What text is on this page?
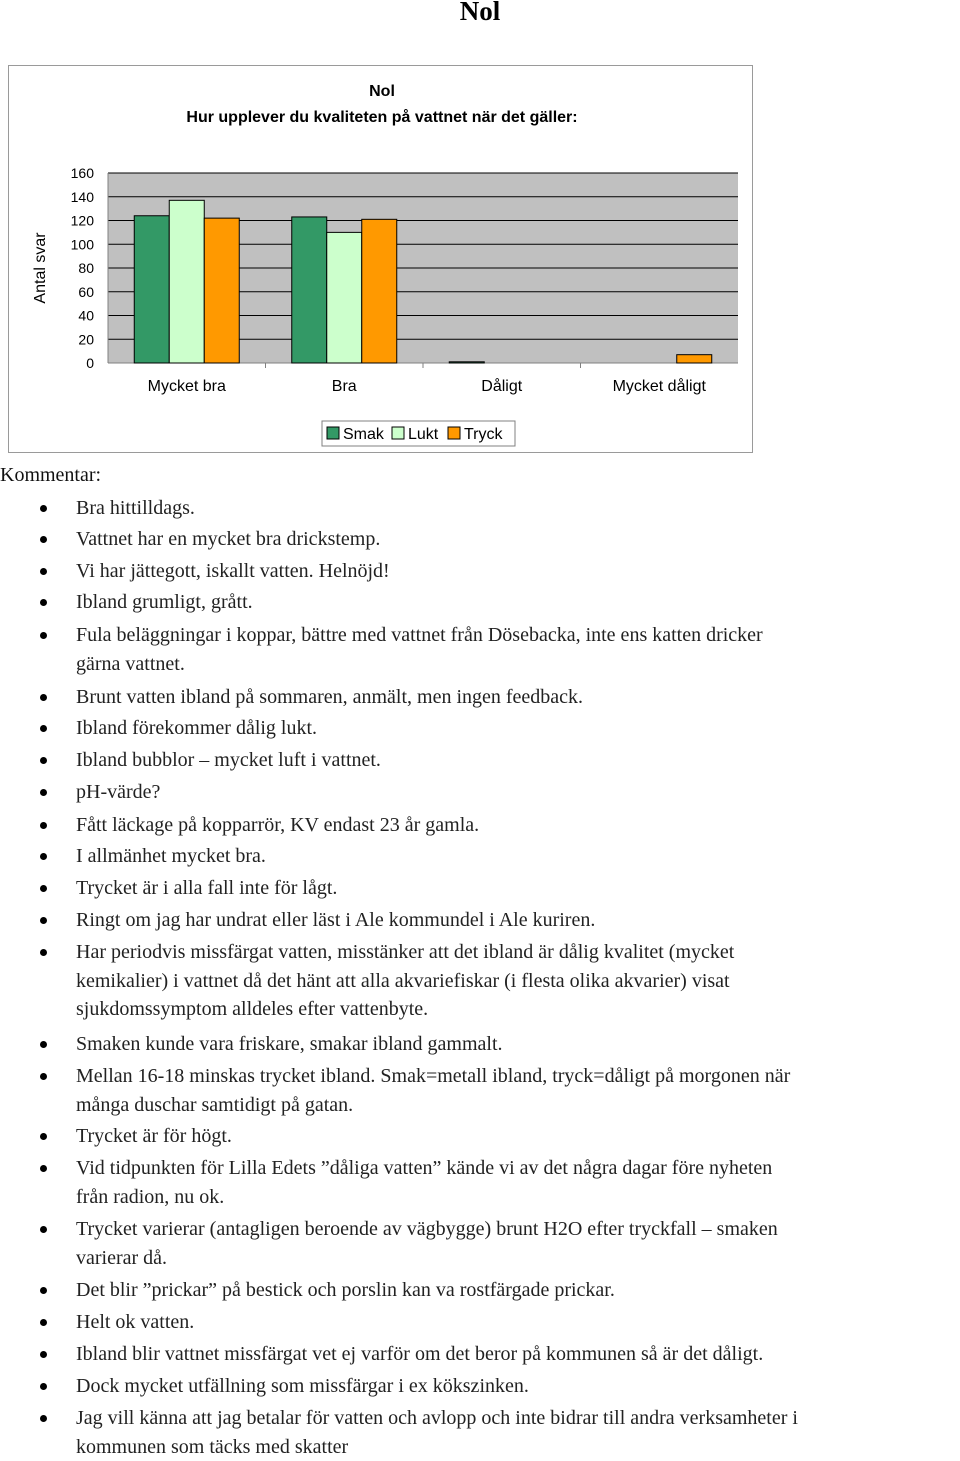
Nol
Nol
Hur upplever du kvaliteten på vattnet när det gäller:
Antal svar
160
140
120
100
80
60
40
20
0
Mycket bra	Bra	Dåligt	Mycket dåligt
Smak Lukt Tryck
Kommentar:
Bra hittilldags.
Vattnet har en mycket bra drickstemp.
Vi har jättegott, iskallt vatten. Helnöjd!
Ibland grumligt, grått.
Fula beläggningar i koppar, bättre med vattnet från Dösebacka, inte ens katten dricker
gärna vattnet.
Brunt vatten ibland på sommaren, anmält, men ingen feedback.
Ibland förekommer dålig lukt.
Ibland bubblor – mycket luft i vattnet.
pH-värde?
Fått läckage på kopparrör, KV endast 23 år gamla.
I allmänhet mycket bra.
Trycket är i alla fall inte för lågt.
Ringt om jag har undrat eller läst i Ale kommundel i Ale kuriren.
Har periodvis missfärgat vatten, misstänker att det ibland är dålig kvalitet (mycket
kemikalier) i vattnet då det hänt att alla akvariefiskar (i flesta olika akvarier) visat
sjukdomssymptom alldeles efter vattenbyte.
Smaken kunde vara friskare, smakar ibland gammalt.
Mellan 16-18 minskas trycket ibland. Smak=metall ibland, tryck=dåligt på morgonen när
många duschar samtidigt på gatan.
Trycket är för högt.
Vid tidpunkten för Lilla Edets ”dåliga vatten” kände vi av det några dagar före nyheten
från radion, nu ok.
Trycket varierar (antagligen beroende av vägbygge) brunt H2O efter tryckfall – smaken
varierar då.
Det blir ”prickar” på bestick och porslin kan va rostfärgade prickar.
Helt ok vatten.
Ibland blir vattnet missfärgat vet ej varför om det beror på kommunen så är det dåligt.
Dock mycket utfällning som missfärgar i ex kökszinken.
Jag vill känna att jag betalar för vatten och avlopp och inte bidrar till andra verksamheter i
kommunen som täcks med skatter
